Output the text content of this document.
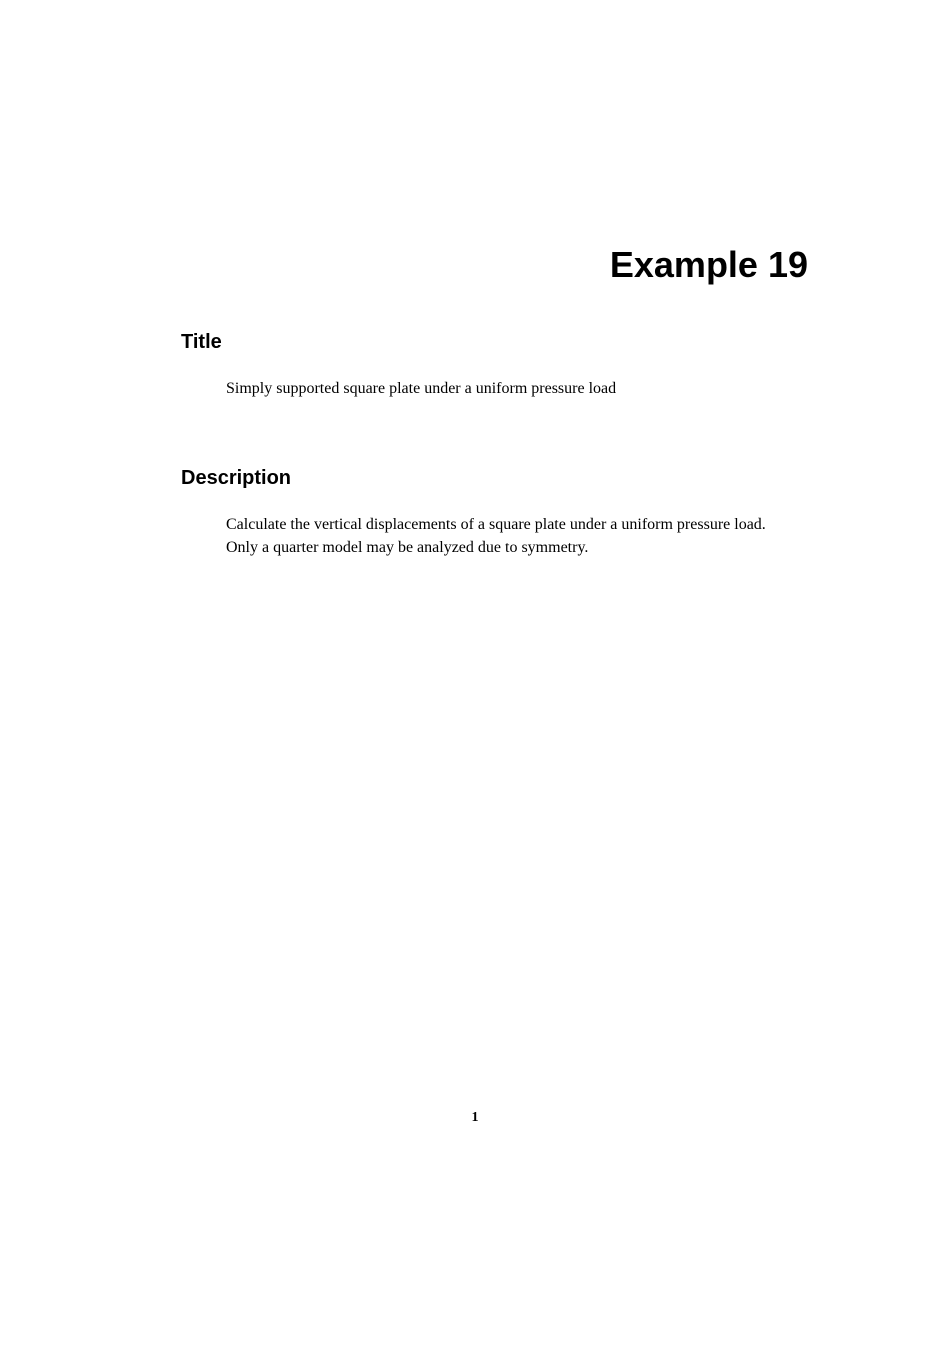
Example 19
Title

Simply supported square plate under a uniform pressure load

Description

Calculate the vertical displacements of a square plate under a uniform pressure load.
Only a quarter model may be analyzed due to symmetry.

1
